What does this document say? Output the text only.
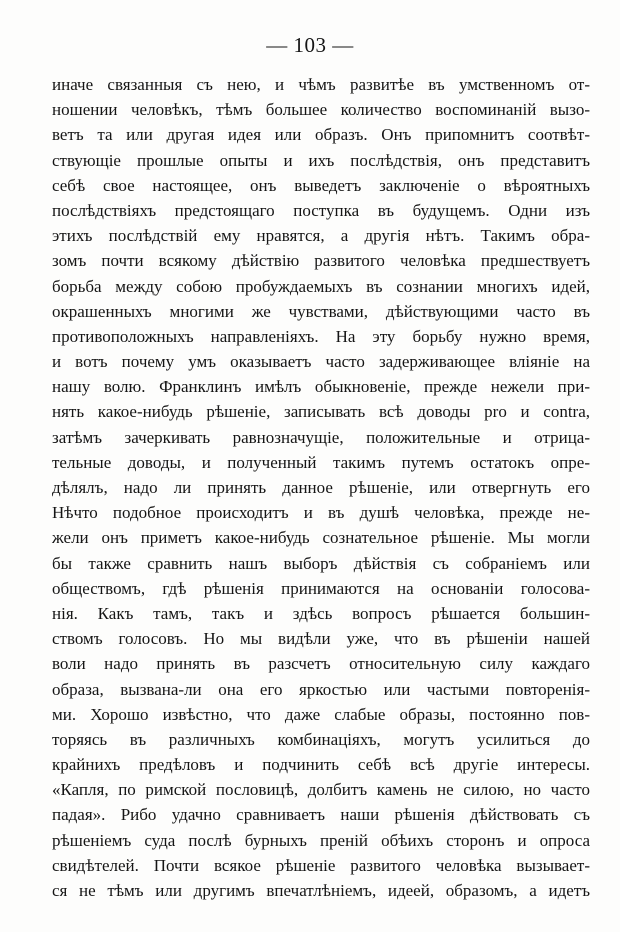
— 103 —
иначе связанныя съ нею, и чѣмъ развитѣе въ умственномъ от-
ношении человѣкъ, тѣмъ большее количество воспоминаній вызо-
ветъ та или другая идея или образъ. Онъ припомнитъ соотвѣт-
ствующіе прошлые опыты и ихъ послѣдствія, онъ представитъ
себѣ свое настоящее, онъ выведетъ заключеніе о вѣроятныхъ
послѣдствіяхъ предстоящаго поступка въ будущемъ. Одни изъ
этихъ послѣдствій ему нравятся, а другія нѣтъ. Такимъ обра-
зомъ почти всякому дѣйствію развитого человѣка предшествуетъ
борьба между собою пробуждаемыхъ въ сознании многихъ идей,
окрашенныхъ многими же чувствами, дѣйствующими часто въ
противоположныхъ направленіяхъ. На эту борьбу нужно время,
и вотъ почему умъ оказываетъ часто задерживающее вліяніе на
нашу волю. Франклинъ имѣлъ обыкновеніе, прежде нежели при-
нять какое-нибудь рѣшеніе, записывать всѣ доводы pro и contra,
затѣмъ зачеркивать равнозначущіе, положительные и отрица-
тельные доводы, и полученный такимъ путемъ остатокъ опре-
дѣлялъ, надо ли принять данное рѣшеніе, или отвергнуть его
Нѣчто подобное происходитъ и въ душѣ человѣка, прежде не-
жели онъ приметъ какое-нибудь сознательное рѣшеніе. Мы могли
бы также сравнить нашъ выборъ дѣйствія съ собраніемъ или
обществомъ, гдѣ рѣшенія принимаются на основаніи голосова-
нія. Какъ тамъ, такъ и здѣсь вопросъ рѣшается большин-
ствомъ голосовъ. Но мы видѣли уже, что въ рѣшеніи нашей
воли надо принять въ разсчетъ относительную силу каждаго
образа, вызвана-ли она его яркостью или частыми повторенія-
ми. Хорошо извѣстно, что даже слабые образы, постоянно пов-
торяясь въ различныхъ комбинаціяхъ, могутъ усилиться до
крайнихъ предѣловъ и подчинить себѣ всѣ другіе интересы.
«Капля, по римской пословицѣ, долбитъ камень не силою, но часто
падая». Рибо удачно сравниваетъ наши рѣшенія дѣйствовать съ
рѣшеніемъ суда послѣ бурныхъ преній обѣихъ сторонъ и опроса
свидѣтелей. Почти всякое рѣшеніе развитого человѣка вызывает-
ся не тѣмъ или другимъ впечатлѣніемъ, идеей, образомъ, а идетъ
